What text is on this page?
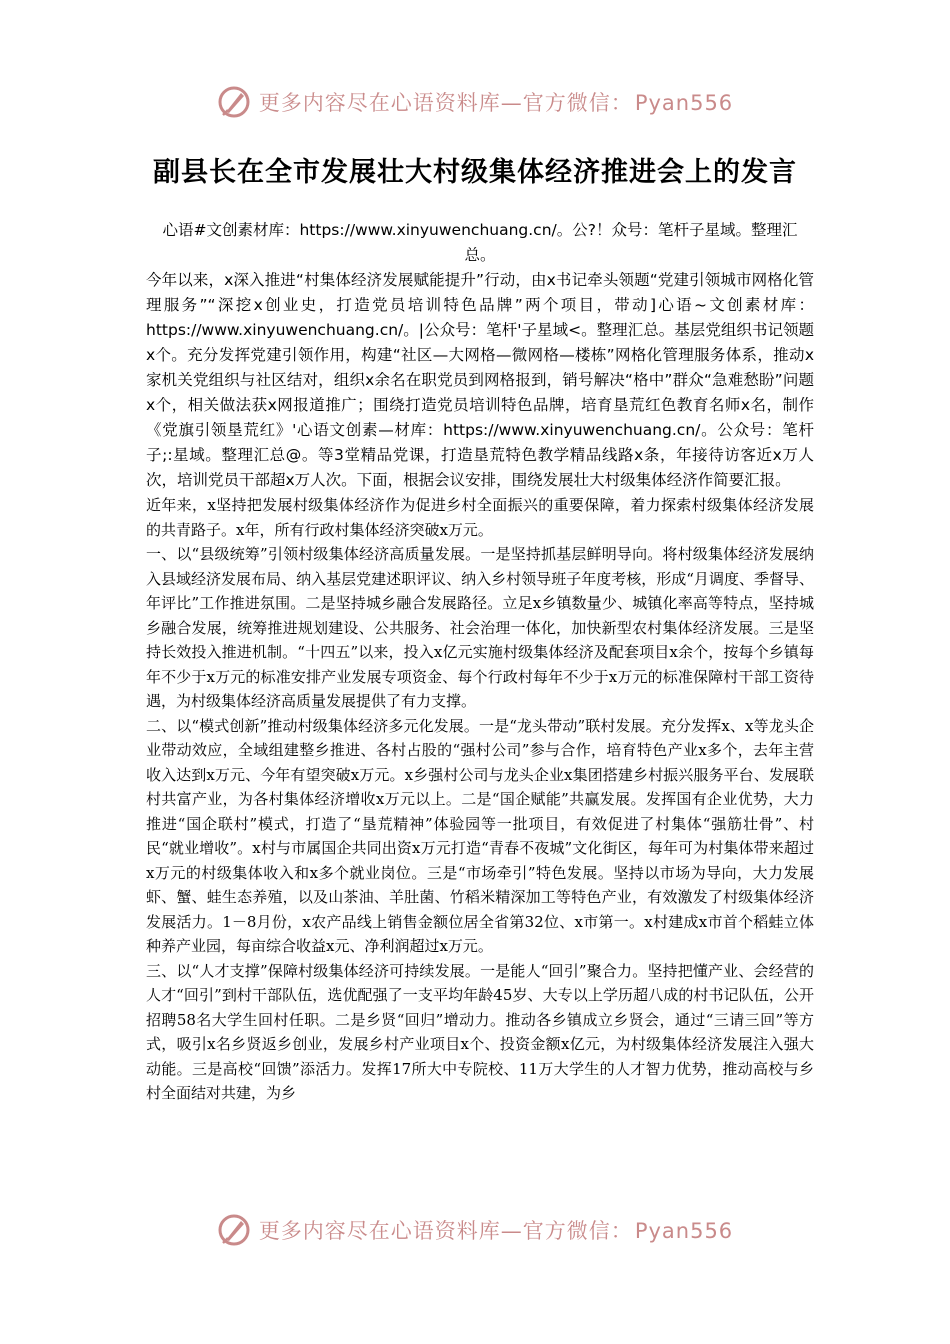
更多内容尽在心语资料库—官方微信：Pyan556
副县长在全市发展壮大村级集体经济推进会上的发言

心语#文创素材库：https://www.xinyuwenchuang.cn/。公?！众号：笔杆子星域。整理汇总。

今年以来，x深入推进“村集体经济发展赋能提升”行动，由x书记牵头领题“党建引领城市网格化管理服务”“深挖x创业史，打造党员培训特色品牌”两个项目，带动]心语~文创素材库：https://www.xinyuwenchuang.cn/。|公众号：笔杆'子星域<。整理汇总。基层党组织书记领题x个。充分发挥党建引领作用，构建“社区—大网格—微网格—楼栋”网格化管理服务体系，推动x家机关党组织与社区结对，组织x余名在职党员到网格报到，销号解决“格中”群众“急难愁盼”问题x个，相关做法获x网报道推广；围绕打造党员培训特色品牌，培育垦荒红色教育名师x名，制作《党旗引领垦荒红》'心语文创素—材库：https://www.xinyuwenchuang.cn/。公众号：笔杆子;:星域。整理汇总@。等3堂精品党课，打造垦荒特色教学精品线路x条，年接待访客近x万人次，培训党员干部超x万人次。下面，根据会议安排，围绕发展壮大村级集体经济作简要汇报。

近年来，x坚持把发展村级集体经济作为促进乡村全面振兴的重要保障，着力探索村级集体经济发展的共青路子。x年，所有行政村集体经济突破x万元。

一、以“县级统筹”引领村级集体经济高质量发展。一是坚持抓基层鲜明导向。将村级集体经济发展纳入县域经济发展布局、纳入基层党建述职评议、纳入乡村领导班子年度考核，形成“月调度、季督导、年评比”工作推进氛围。二是坚持城乡融合发展路径。立足x乡镇数量少、城镇化率高等特点，坚持城乡融合发展，统筹推进规划建设、公共服务、社会治理一体化，加快新型农村集体经济发展。三是坚持长效投入推进机制。“十四五”以来，投入x亿元实施村级集体经济及配套项目x余个，按每个乡镇每年不少于x万元的标准安排产业发展专项资金、每个行政村每年不少于x万元的标准保障村干部工资待遇，为村级集体经济高质量发展提供了有力支撑。

二、以“模式创新”推动村级集体经济多元化发展。一是“龙头带动”联村发展。充分发挥x、x等龙头企业带动效应，全域组建整乡推进、各村占股的“强村公司”参与合作，培育特色产业x多个，去年主营收入达到x万元、今年有望突破x万元。x乡强村公司与龙头企业x集团搭建乡村振兴服务平台、发展联村共富产业，为各村集体经济增收x万元以上。二是“国企赋能”共赢发展。发挥国有企业优势，大力推进“国企联村”模式，打造了“垦荒精神”体验园等一批项目，有效促进了村集体“强筋壮骨”、村民“就业增收”。x村与市属国企共同出资x万元打造“青春不夜城”文化街区，每年可为村集体带来超过x万元的村级集体收入和x多个就业岗位。三是“市场牵引”特色发展。坚持以市场为导向，大力发展虾、蟹、蛙生态养殖，以及山茶油、羊肚菌、竹稻米精深加工等特色产业，有效激发了村级集体经济发展活力。1－8月份，x农产品线上销售金额位居全省第32位、x市第一。x村建成x市首个稻蛙立体种养产业园，每亩综合收益x元、净利润超过x万元。

三、以“人才支撑”保障村级集体经济可持续发展。一是能人“回引”聚合力。坚持把懂产业、会经营的人才“回引”到村干部队伍，选优配强了一支平均年龄45岁、大专以上学历超八成的村书记队伍，公开招聘58名大学生回村任职。二是乡贤“回归”增动力。推动各乡镇成立乡贤会，通过“三请三回”等方式，吸引x名乡贤返乡创业，发展乡村产业项目x个、投资金额x亿元，为村级集体经济发展注入强大动能。三是高校“回馈”添活力。发挥17所大中专院校、11万大学生的人才智力优势，推动高校与乡村全面结对共建，为乡

更多内容尽在心语资料库—官方微信：Pyan556
